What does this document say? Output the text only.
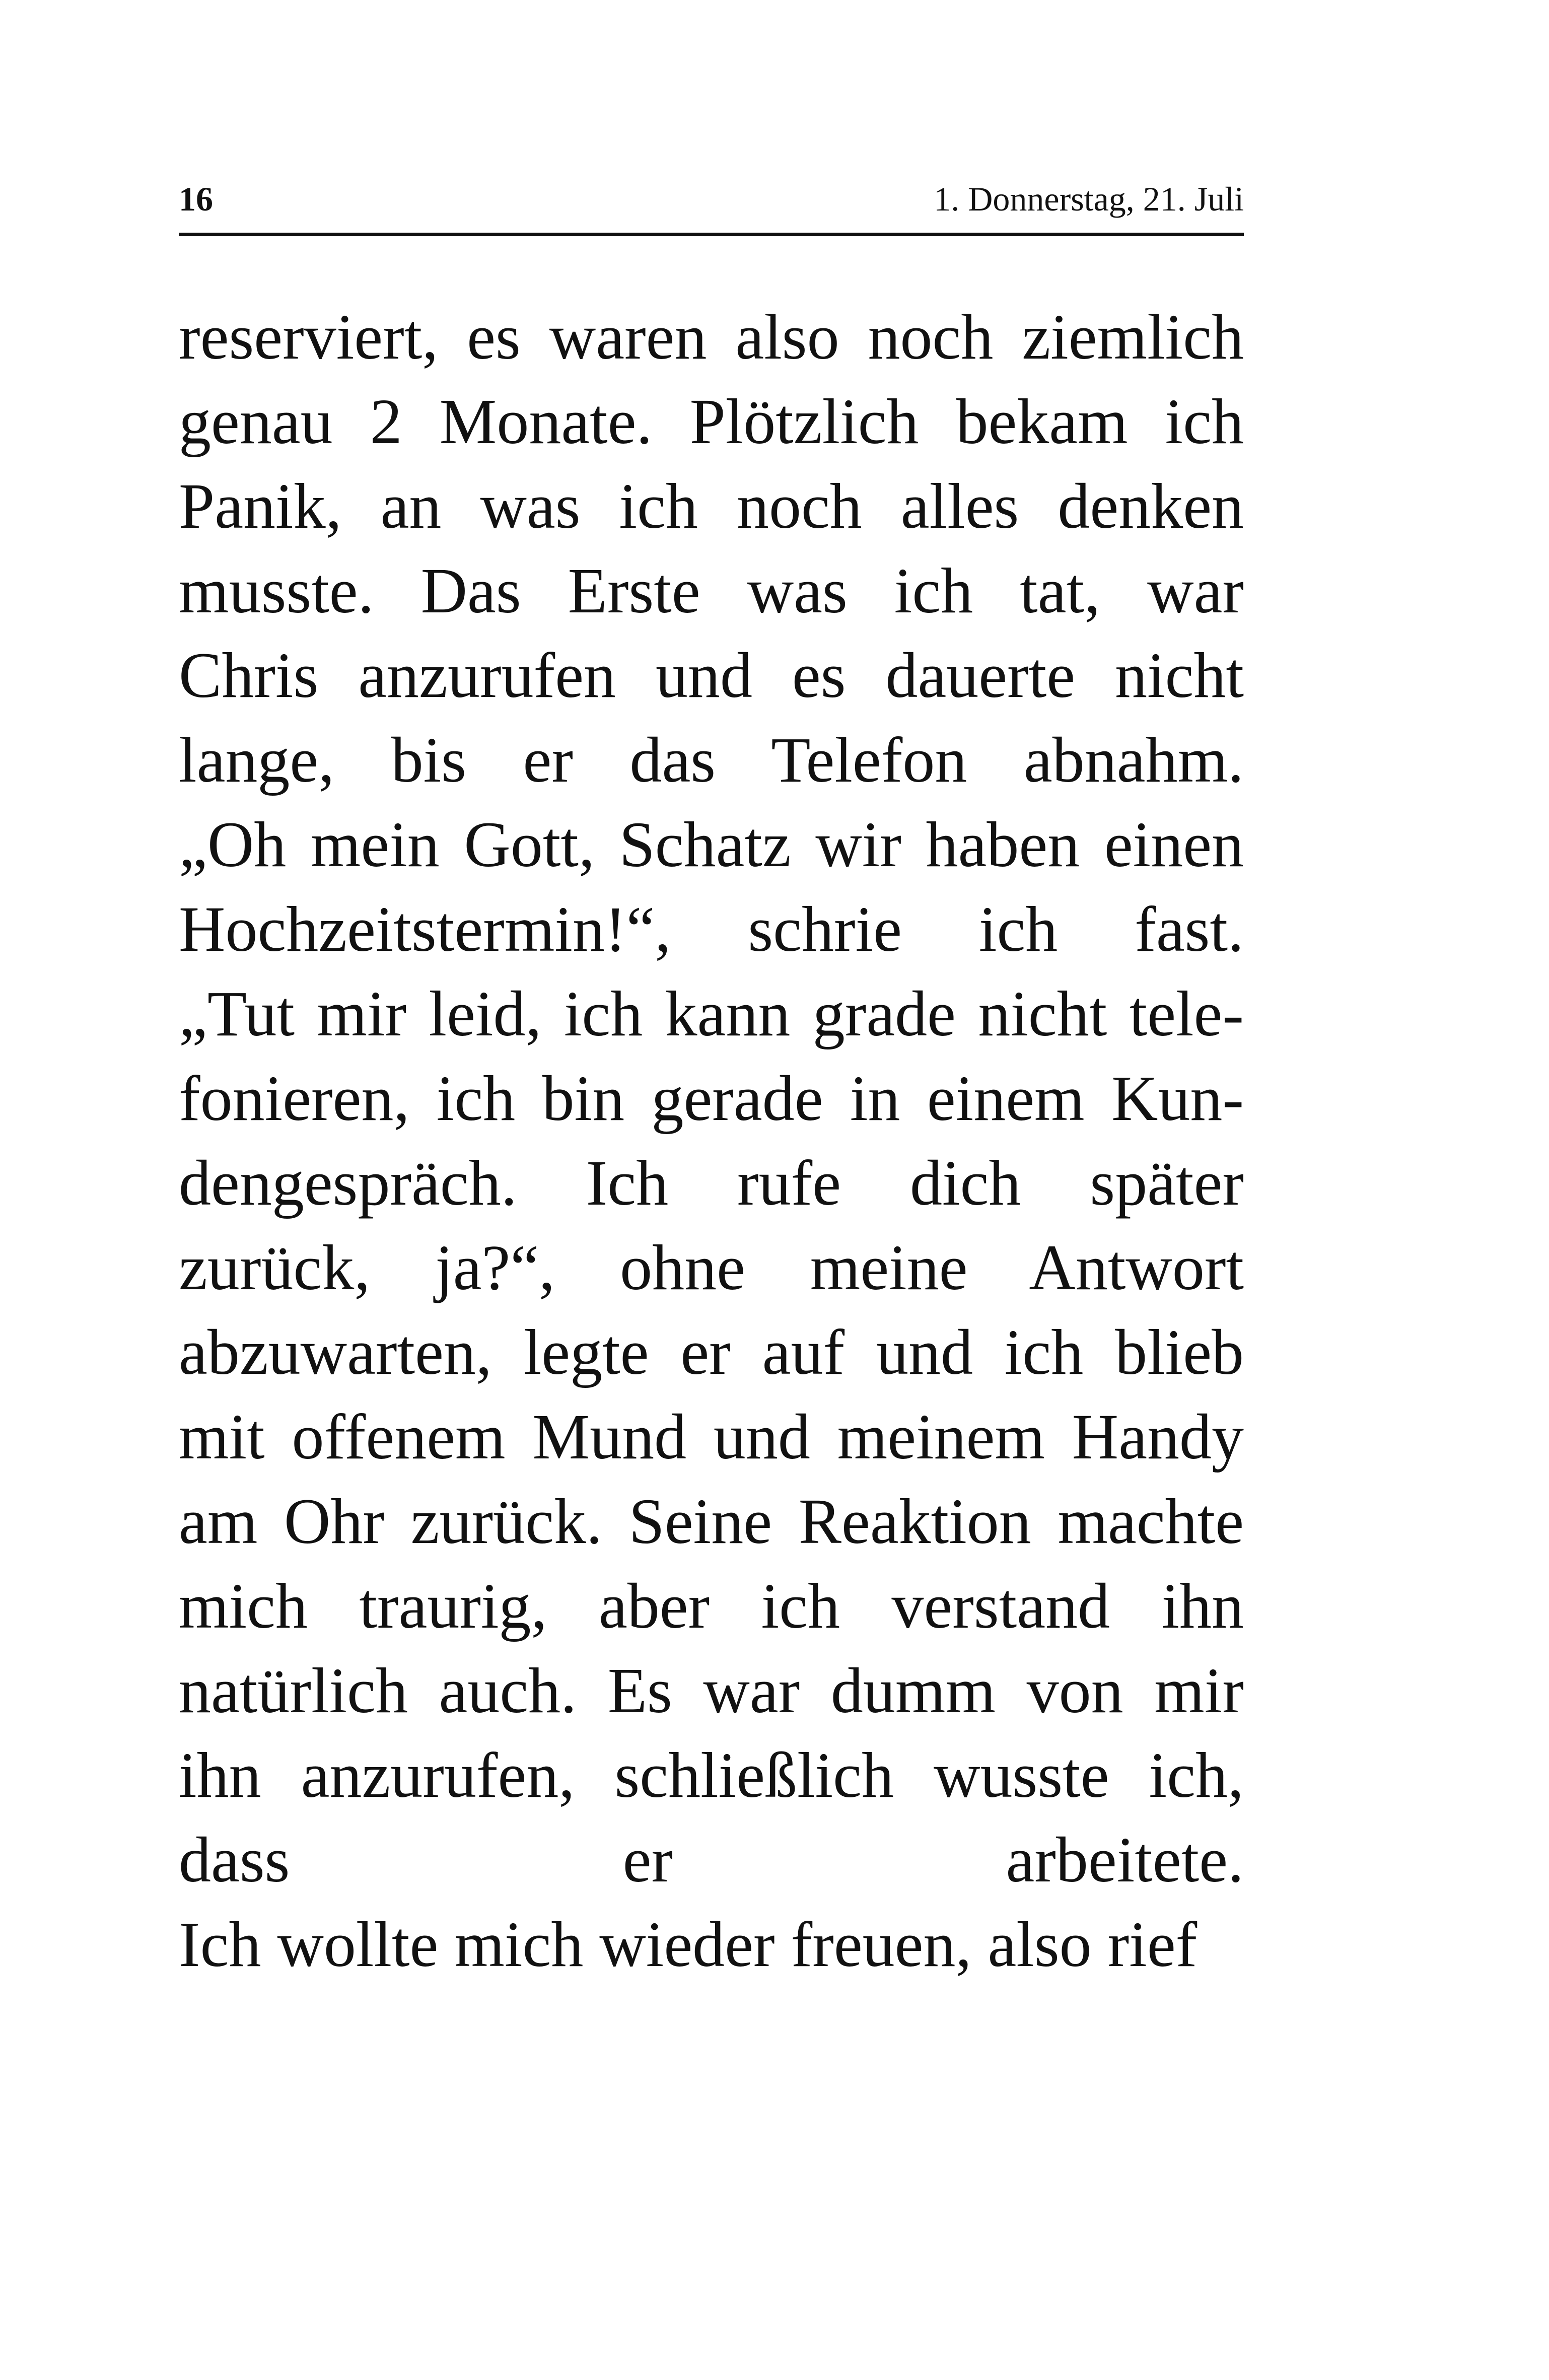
16	1. Donnerstag, 21. Juli
reserviert, es waren also noch ziemlich
genau 2 Monate. Plötzlich bekam ich
Panik, an was ich noch alles denken
musste. Das Erste was ich tat, war
Chris anzurufen und es dauerte nicht
lange, bis er das Telefon abnahm.
„Oh mein Gott, Schatz wir haben einen
Hochzeitstermin!“, schrie ich fast.
„Tut mir leid, ich kann grade nicht tele-
fonieren, ich bin gerade in einem Kun-
dengespräch. Ich rufe dich später
zurück, ja?“, ohne meine Antwort
abzuwarten, legte er auf und ich blieb
mit offenem Mund und meinem Handy
am Ohr zurück. Seine Reaktion machte
mich traurig, aber ich verstand ihn
natürlich auch. Es war dumm von mir
ihn anzurufen, schließlich wusste ich,
dass er arbeitete.
Ich wollte mich wieder freuen, also rief
